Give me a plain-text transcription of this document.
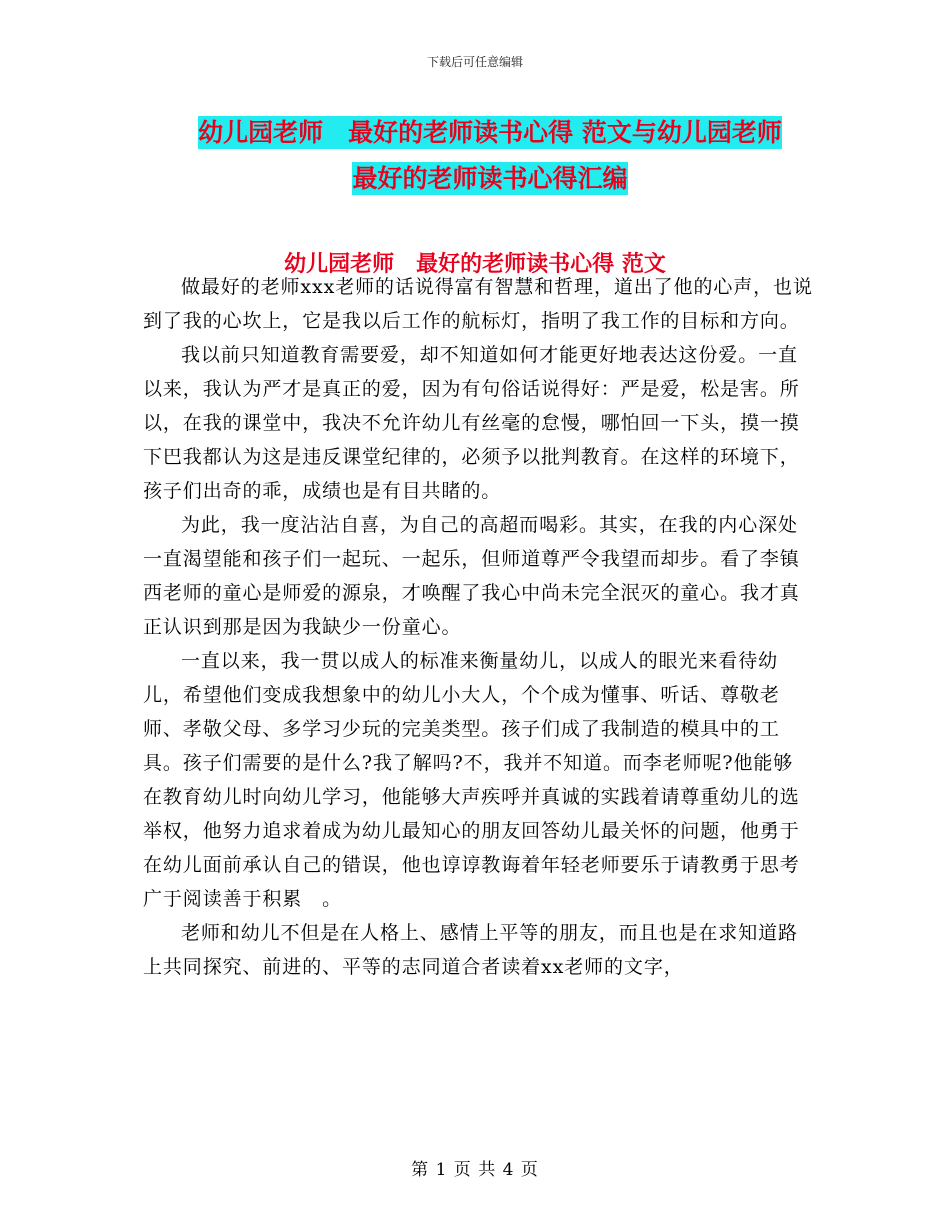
下载后可任意编辑
幼儿园老师　最好的老师读书心得 范文与幼儿园老师
最好的老师读书心得汇编
幼儿园老师　最好的老师读书心得 范文

做最好的老师xxx老师的话说得富有智慧和哲理，道出了他的心声，也说到了我的心坎上，它是我以后工作的航标灯，指明了我工作的目标和方向。

我以前只知道教育需要爱，却不知道如何才能更好地表达这份爱。一直以来，我认为严才是真正的爱，因为有句俗话说得好：严是爱，松是害。所以，在我的课堂中，我决不允许幼儿有丝毫的怠慢，哪怕回一下头，摸一摸下巴我都认为这是违反课堂纪律的，必须予以批判教育。在这样的环境下，孩子们出奇的乖，成绩也是有目共睹的。

为此，我一度沾沾自喜，为自己的高超而喝彩。其实，在我的内心深处一直渴望能和孩子们一起玩、一起乐，但师道尊严令我望而却步。看了李镇西老师的童心是师爱的源泉，才唤醒了我心中尚未完全泯灭的童心。我才真正认识到那是因为我缺少一份童心。

一直以来，我一贯以成人的标准来衡量幼儿，以成人的眼光来看待幼儿，希望他们变成我想象中的幼儿小大人，个个成为懂事、听话、尊敬老师、孝敬父母、多学习少玩的完美类型。孩子们成了我制造的模具中的工具。孩子们需要的是什么?我了解吗?不，我并不知道。而李老师呢?他能够在教育幼儿时向幼儿学习，他能够大声疾呼并真诚的实践着请尊重幼儿的选举权，他努力追求着成为幼儿最知心的朋友回答幼儿最关怀的问题，他勇于在幼儿面前承认自己的错误，他也谆谆教诲着年轻老师要乐于请教勇于思考广于阅读善于积累　。

老师和幼儿不但是在人格上、感情上平等的朋友，而且也是在求知道路上共同探究、前进的、平等的志同道合者读着xx老师的文字，

第 1 页 共 4 页
